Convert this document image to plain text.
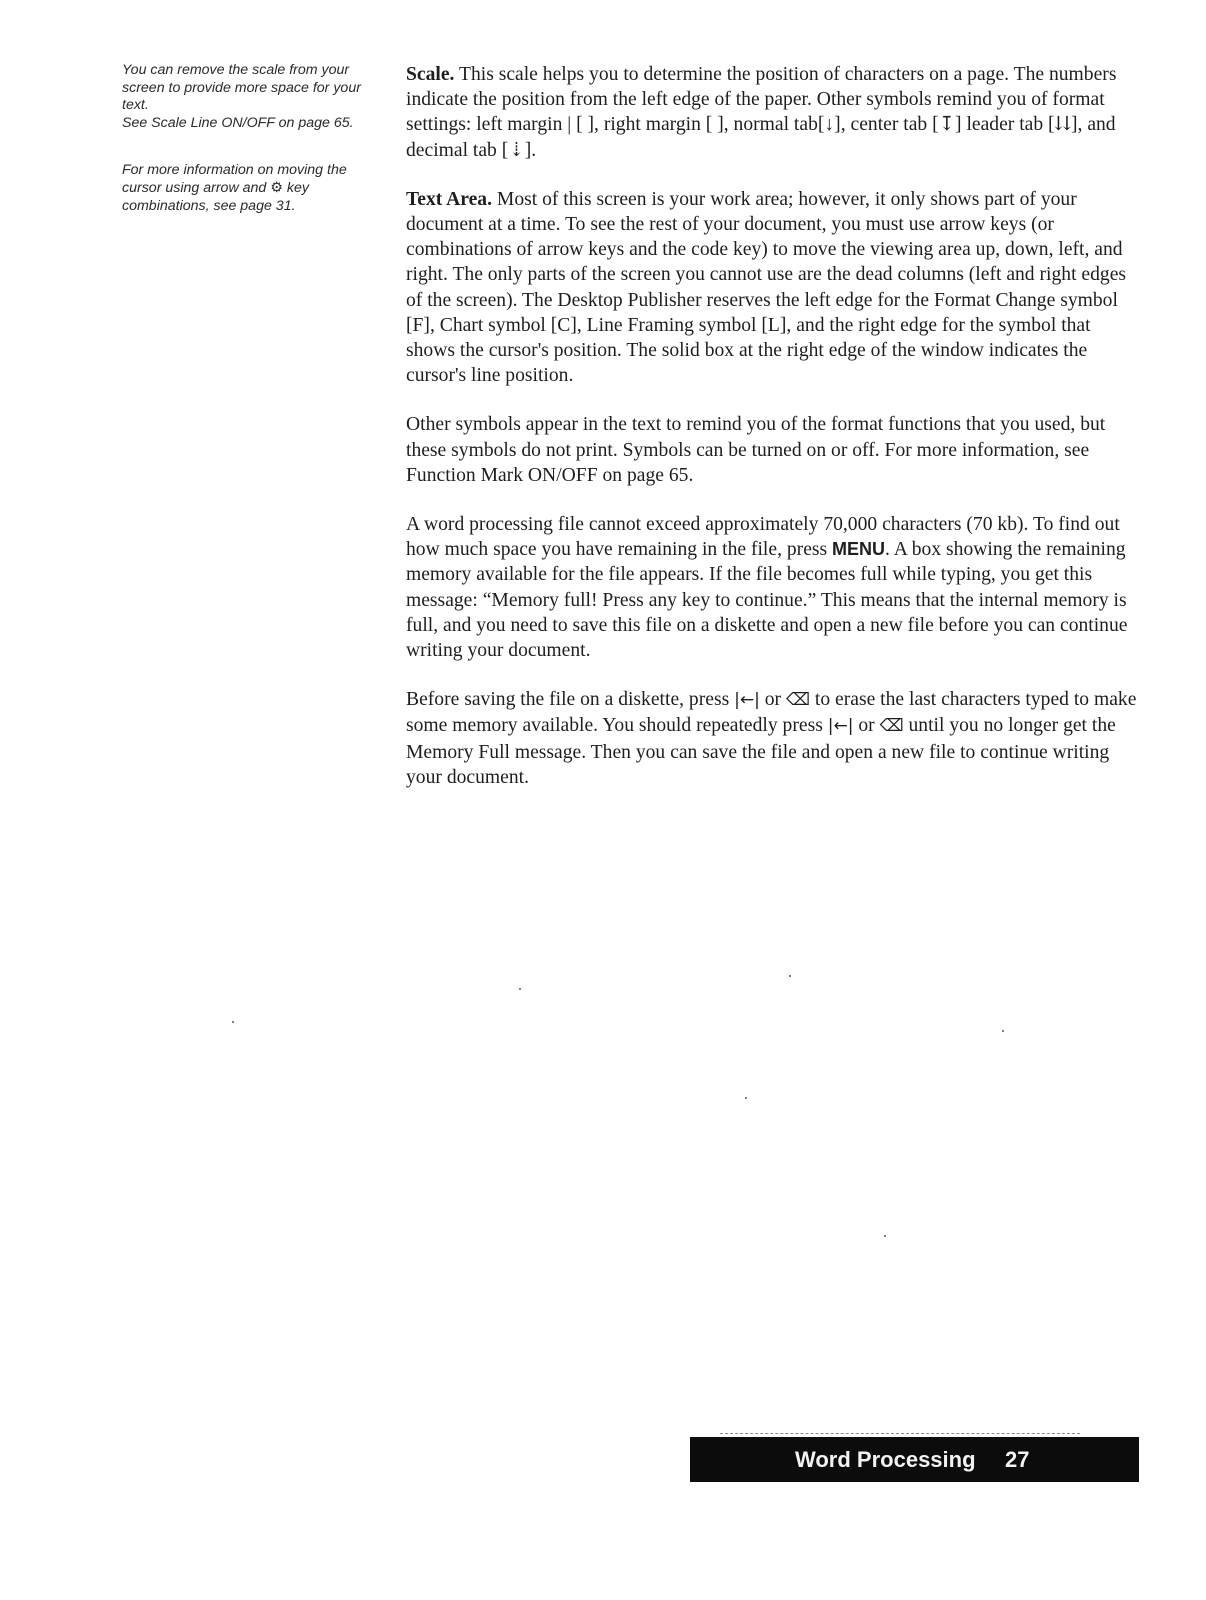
You can remove the scale from your screen to provide more space for your text.
See Scale Line ON/OFF on page 65.
For more information on moving the cursor using arrow and ⚙ key combinations, see page 31.

Scale. This scale helps you to determine the position of characters on a page. The numbers indicate the position from the left edge of the paper. Other symbols remind you of format settings: left margin | [ ], right margin [ ], normal tab[↓], center tab [↧] leader tab [⇊], and decimal tab [⇣].

Text Area. Most of this screen is your work area; however, it only shows part of your document at a time. To see the rest of your document, you must use arrow keys (or combinations of arrow keys and the code key) to move the viewing area up, down, left, and right. The only parts of the screen you cannot use are the dead columns (left and right edges of the screen). The Desktop Publisher reserves the left edge for the Format Change symbol [F], Chart symbol [C], Line Framing symbol [L], and the right edge for the symbol that shows the cursor's position. The solid box at the right edge of the window indicates the cursor's line position.

Other symbols appear in the text to remind you of the format functions that you used, but these symbols do not print. Symbols can be turned on or off. For more information, see Function Mark ON/OFF on page 65.

A word processing file cannot exceed approximately 70,000 characters (70 kb). To find out how much space you have remaining in the file, press MENU. A box showing the remaining memory available for the file appears. If the file becomes full while typing, you get this message: “Memory full! Press any key to continue.” This means that the internal memory is full, and you need to save this file on a diskette and open a new file before you can continue writing your document.

Before saving the file on a diskette, press |←| or ⌫ to erase the last characters typed to make some memory available. You should repeatedly press |←| or ⌫ until you no longer get the Memory Full message. Then you can save the file and open a new file to continue writing your document.

Word Processing 27
